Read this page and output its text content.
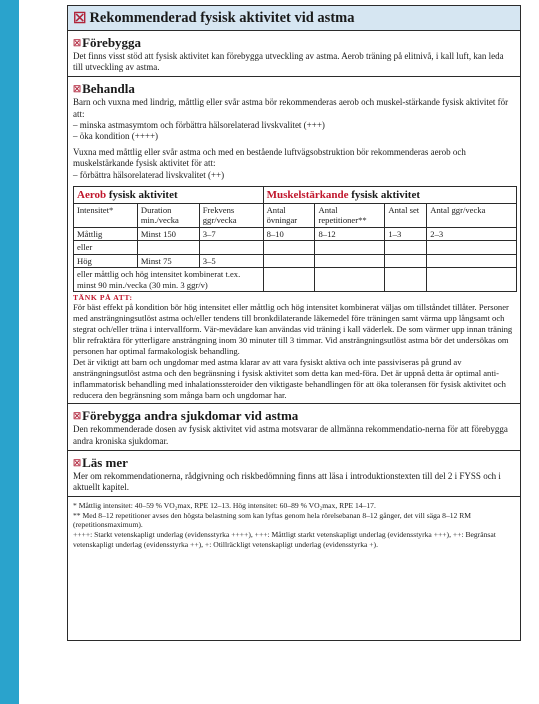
☒ Rekommenderad fysisk aktivitet vid astma
☒Förebygga
Det finns visst stöd att fysisk aktivitet kan förebygga utveckling av astma. Aerob träning på elitnivå, i kall luft, kan leda till utveckling av astma.
☒Behandla
Barn och vuxna med lindrig, måttlig eller svår astma bör rekommenderas aerob och muskel-stärkande fysisk aktivitet för att:
– minska astmasymtom och förbättra hälsorelaterad livskvalitet (+++)
– öka kondition (++++)
Vuxna med måttlig eller svår astma och med en bestående luftvägsobstruktion bör rekommenderas aerob och muskelstärkande fysisk aktivitet för att:
– förbättra hälsorelaterad livskvalitet (++)
Aerob fysisk aktivitet			Muskelstärkande fysisk aktivitet			
Intensitet*	Duration min./vecka	Frekvens ggr/vecka	Antal övningar	Antal repetitioner**	Antal set	Antal ggr/vecka
Måttlig	Minst 150	3–7	8–10	8–12	1–3	2–3
eller						
Hög	Minst 75	3–5				
eller måttlig och hög intensitet kombinerat t.ex. minst 90 min./vecka (30 min. 3 ggr/v)						
TÄNK PÅ ATT:
För bäst effekt på kondition bör hög intensitet eller måttlig och hög intensitet kombinerat väljas om tillståndet tillåter. Personer med ansträngningsutlöst astma och/eller tendens till bronkdilaterande läkemedel före träningen samt värma upp långsamt och stegrat och/eller träna i intervallform. Vär-mevädare kan användas vid träning i kall väderlek. De som värmer upp innan träning blir refraktära för ytterligare ansträngning inom 30 minuter till 3 timmar. Vid ansträngningsutlöst astma bör det undersökas om personen har optimal farmakologisk behandling.
Det är viktigt att barn och ungdomar med astma klarar av att vara fysiskt aktiva och inte passiviseras på grund av ansträngningsutlöst astma och den begränsning i fysisk aktivitet som detta kan med-föra. Det är uppnå detta är optimal anti-inflammatorisk behandling med inhalationssteroider den viktigaste behandlingen för att öka toleransen för fysisk aktivitet och reducera den begränsning som många barn och ungdomar har.
☒Förebygga andra sjukdomar vid astma
Den rekommenderade dosen av fysisk aktivitet vid astma motsvarar de allmänna rekommendatio-nerna för att förebygga andra kroniska sjukdomar.
☒Läs mer
Mer om rekommendationerna, rådgivning och riskbedömning finns att läsa i introduktionstexten till del 2 i FYSS och i aktuellt kapitel.
* Måttlig intensitet: 40–59 % VO₂max, RPE 12–13. Hög intensitet: 60–89 % VO₂max, RPE 14–17.
** Med 8–12 repetitioner avses den högsta belastning som kan lyftas genom hela rörelsebanan 8–12 gånger, det vill säga 8–12 RM (repetitionsmaximum).
++++: Starkt vetenskapligt underlag (evidensstyrka ++++), +++: Måttligt starkt vetenskapligt underlag (evidensstyrka +++), ++: Begränsat vetenskapligt underlag (evidensstyrka ++), +: Otillräckligt vetenskapligt underlag (evidensstyrka +).
